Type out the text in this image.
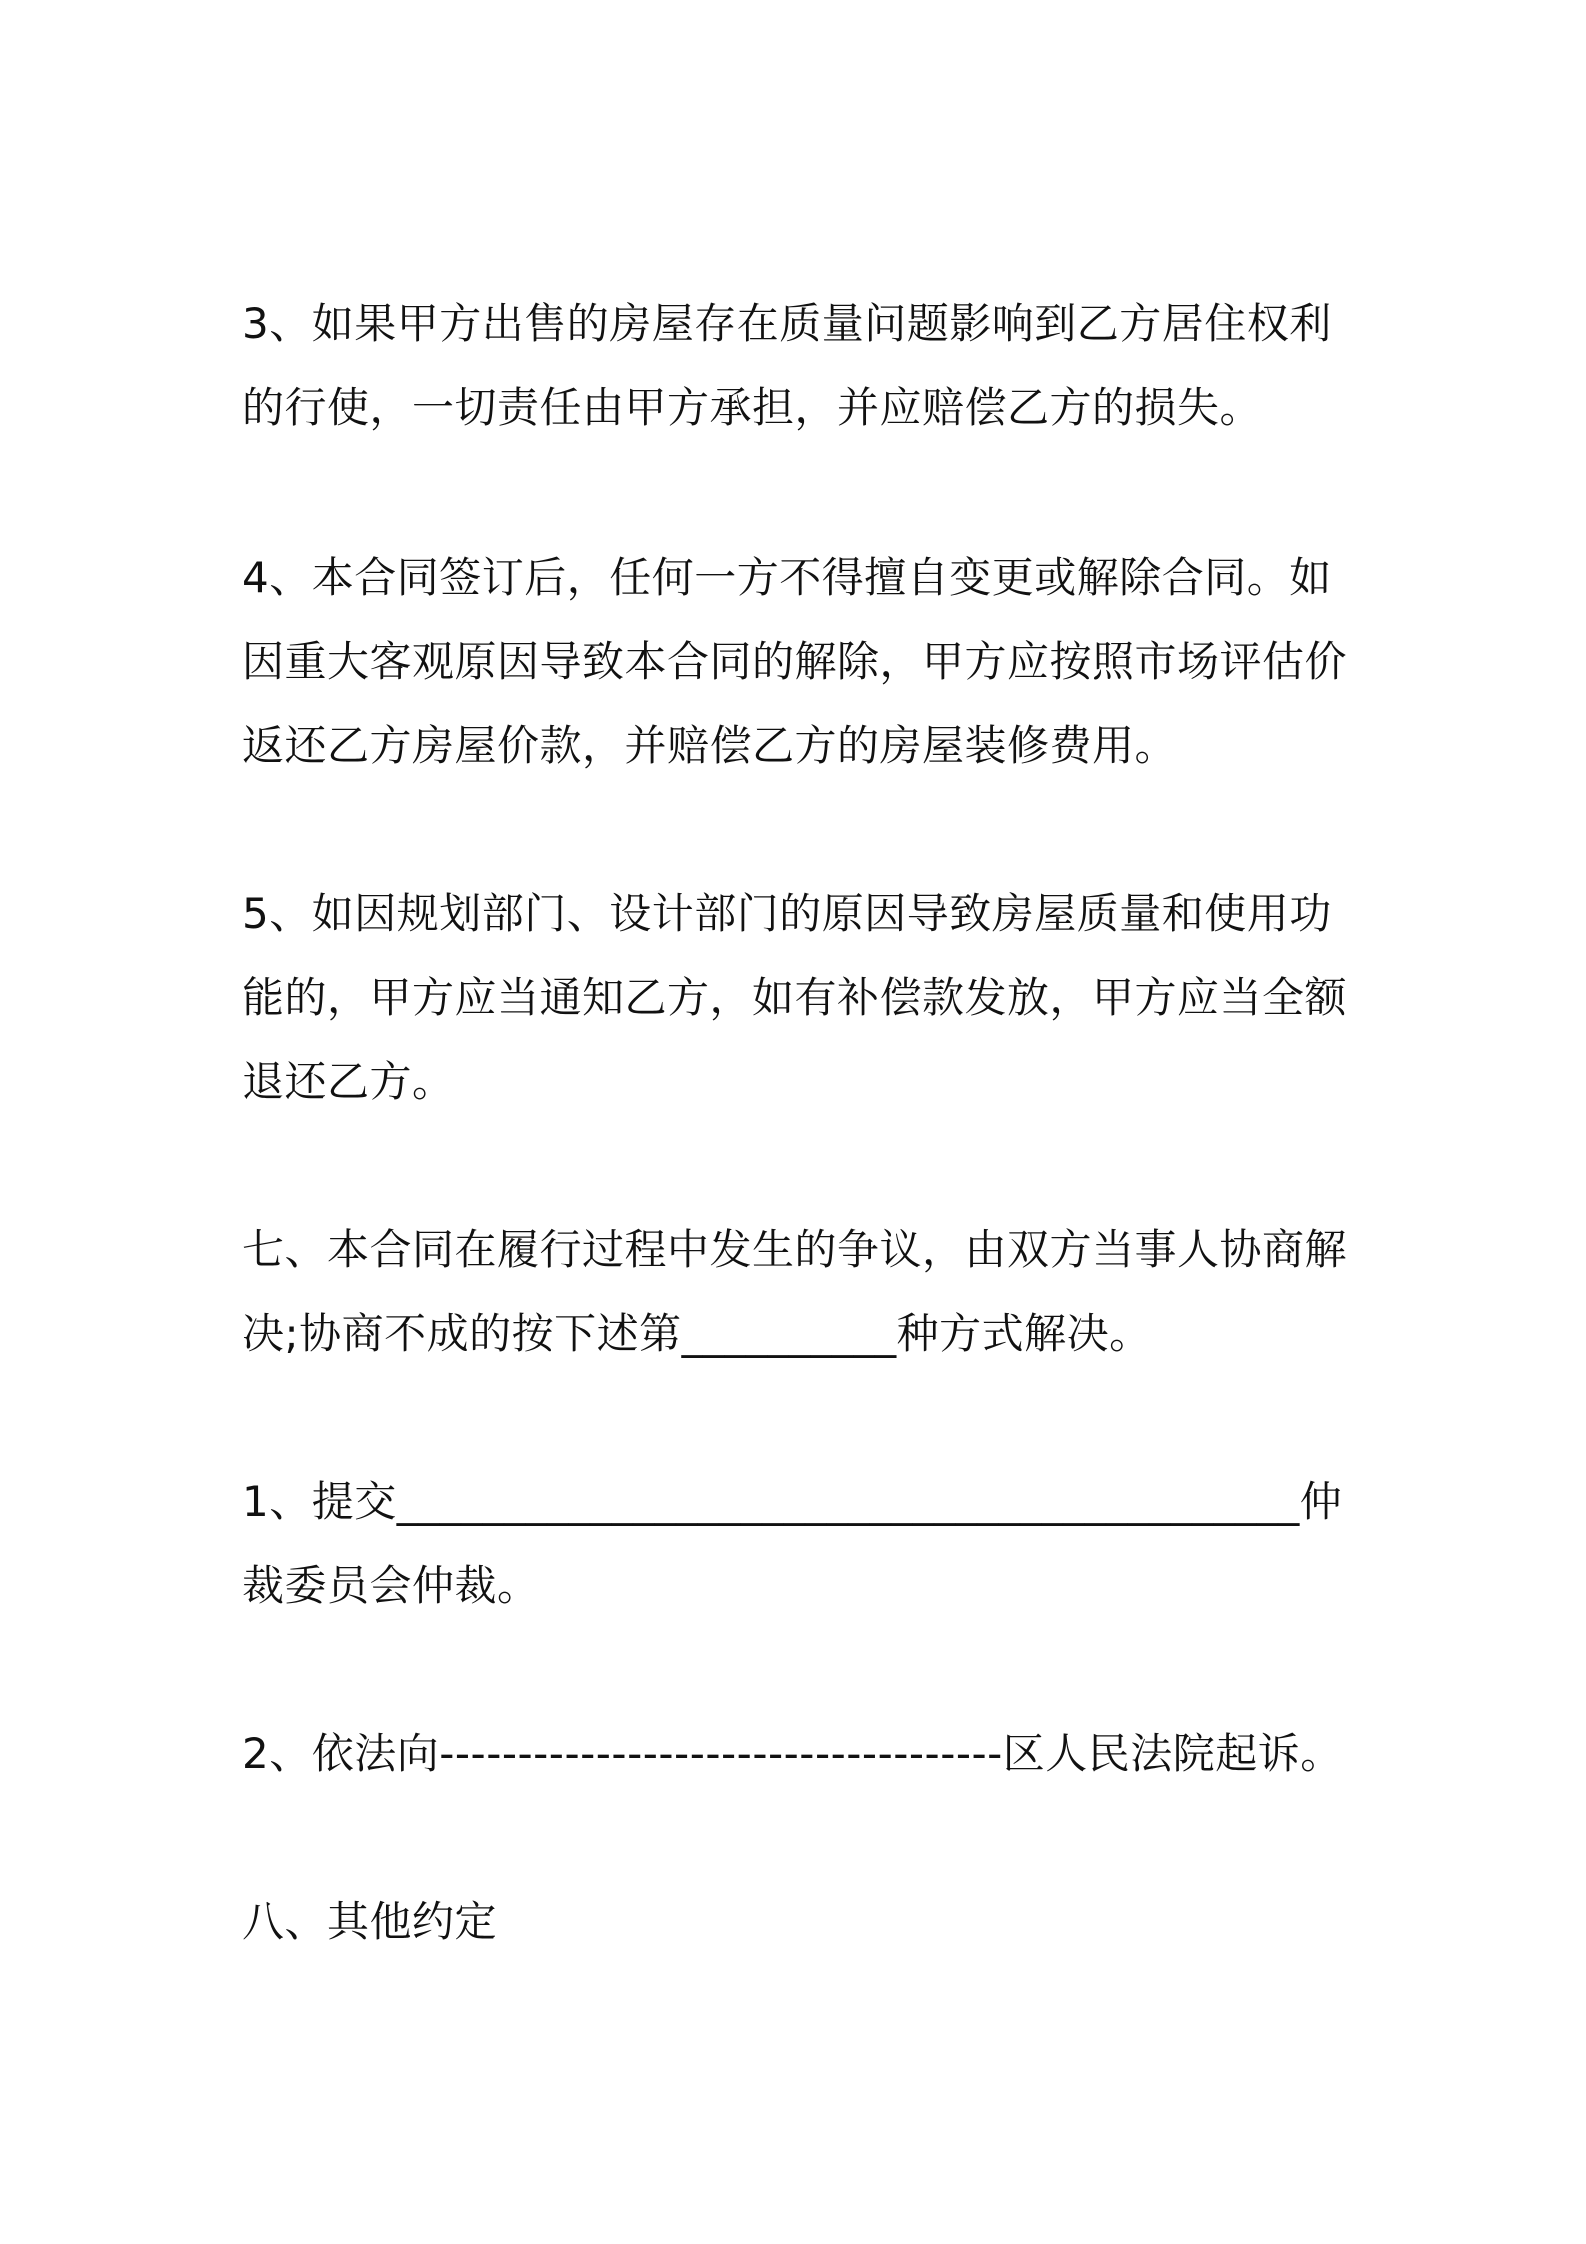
3、如果甲方出售的房屋存在质量问题影响到乙方居住权利
的行使，一切责任由甲方承担，并应赔偿乙方的损失。
4、本合同签订后，任何一方不得擅自变更或解除合同。如
因重大客观原因导致本合同的解除，甲方应按照市场评估价
返还乙方房屋价款，并赔偿乙方的房屋装修费用。
5、如因规划部门、设计部门的原因导致房屋质量和使用功
能的，甲方应当通知乙方，如有补偿款发放，甲方应当全额
退还乙方。
七、本合同在履行过程中发生的争议，由双方当事人协商解
决;协商不成的按下述第__________种方式解决。
1、提交__________________________________________仲
裁委员会仲裁。
2、依法向------------------------------------区人民法院起诉。
八、其他约定
